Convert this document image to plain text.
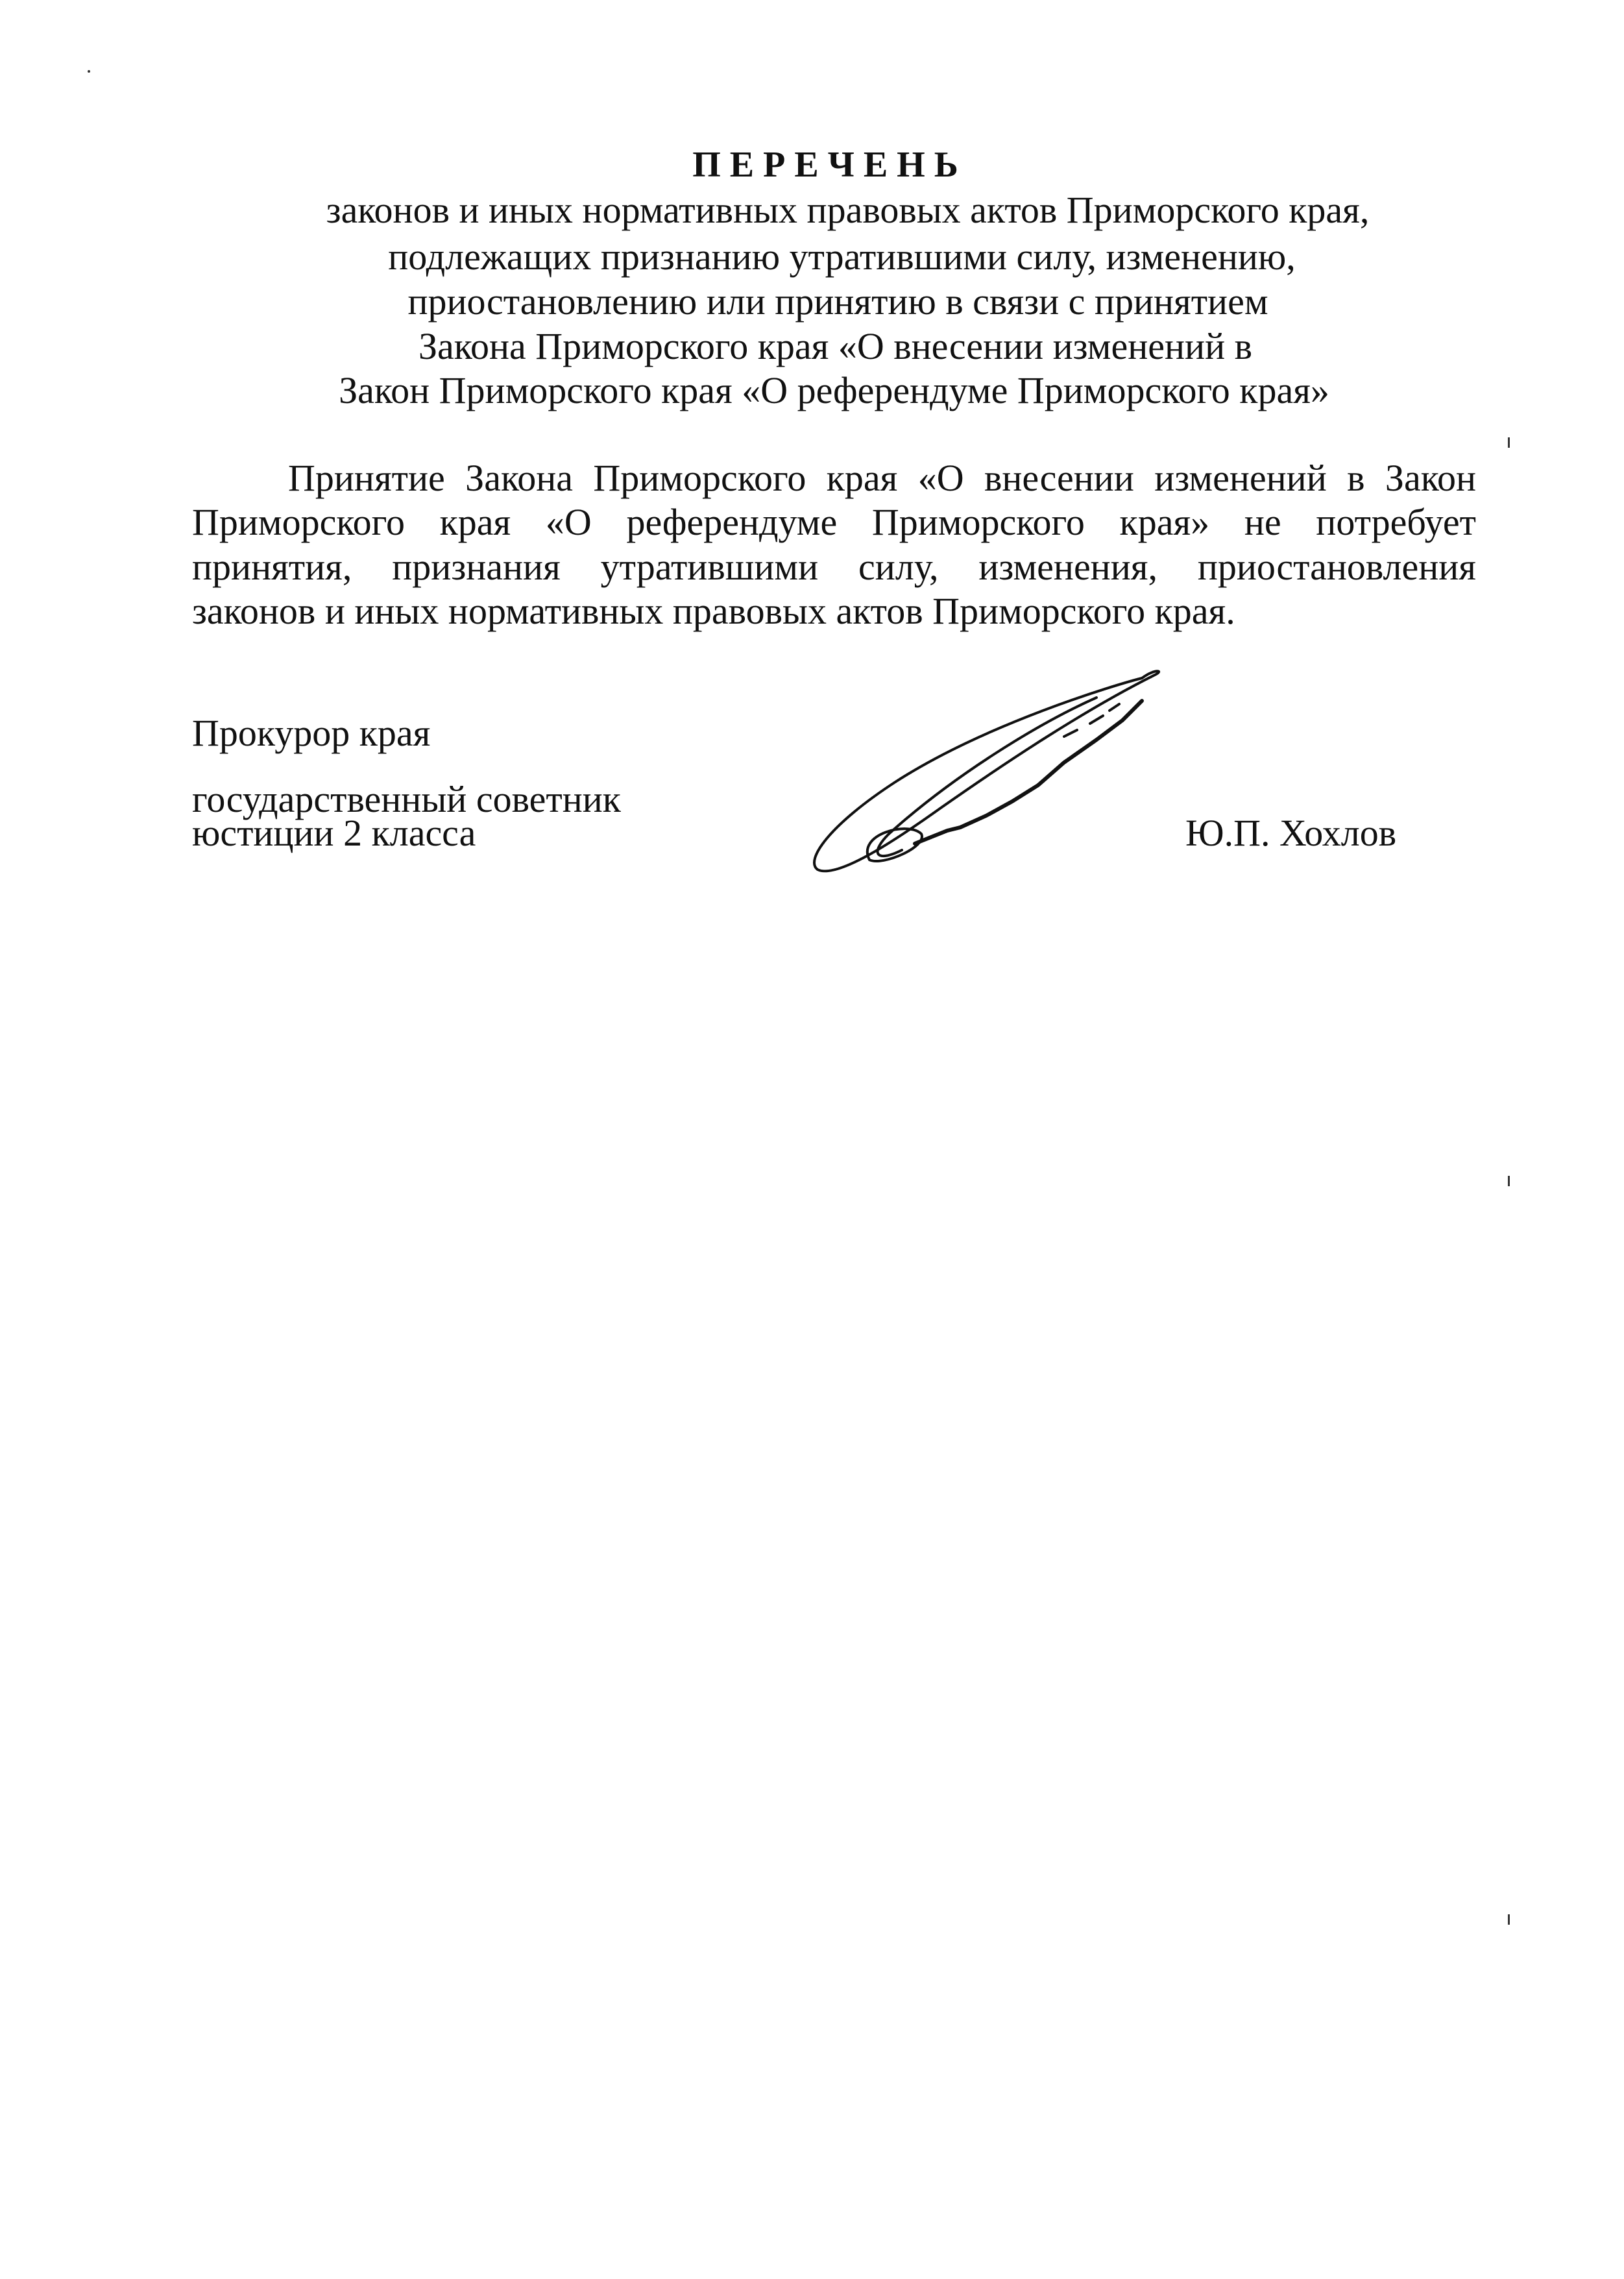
ПЕРЕЧЕНЬ
законов и иных нормативных правовых актов Приморского края,
подлежащих признанию утратившими силу, изменению,
приостановлению или принятию в связи с принятием
Закона Приморского края «О внесении изменений в
Закон Приморского края «О референдуме Приморского края»
Принятие Закона Приморского края «О внесении изменений в Закон
Приморского края «О референдуме Приморского края» не потребует
принятия, признания утратившими силу, изменения, приостановления
законов и иных нормативных правовых актов Приморского края.
Прокурор края
государственный советник
юстиции 2 класса	Ю.П. Хохлов
